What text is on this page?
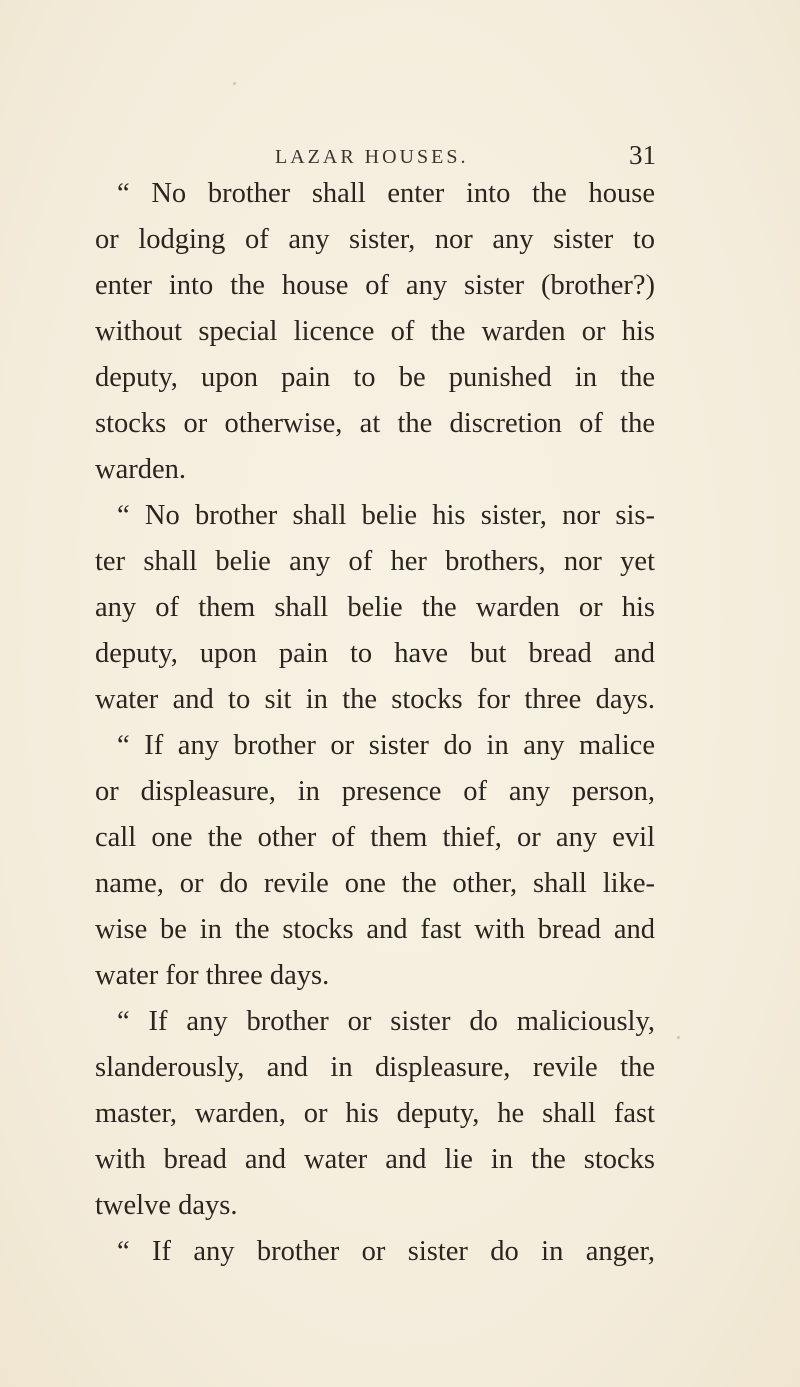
LAZAR HOUSES.	31

“ No brother shall enter into the house
or lodging of any sister, nor any sister to
enter into the house of any sister (brother?)
without special licence of the warden or his
deputy, upon pain to be punished in the
stocks or otherwise, at the discretion of the
warden.

“ No brother shall belie his sister, nor sis-
ter shall belie any of her brothers, nor yet
any of them shall belie the warden or his
deputy, upon pain to have but bread and
water and to sit in the stocks for three days.

“ If any brother or sister do in any malice
or displeasure, in presence of any person,
call one the other of them thief, or any evil
name, or do revile one the other, shall like-
wise be in the stocks and fast with bread and
water for three days.

“ If any brother or sister do maliciously,
slanderously, and in displeasure, revile the
master, warden, or his deputy, he shall fast
with bread and water and lie in the stocks
twelve days.

“ If any brother or sister do in anger,
